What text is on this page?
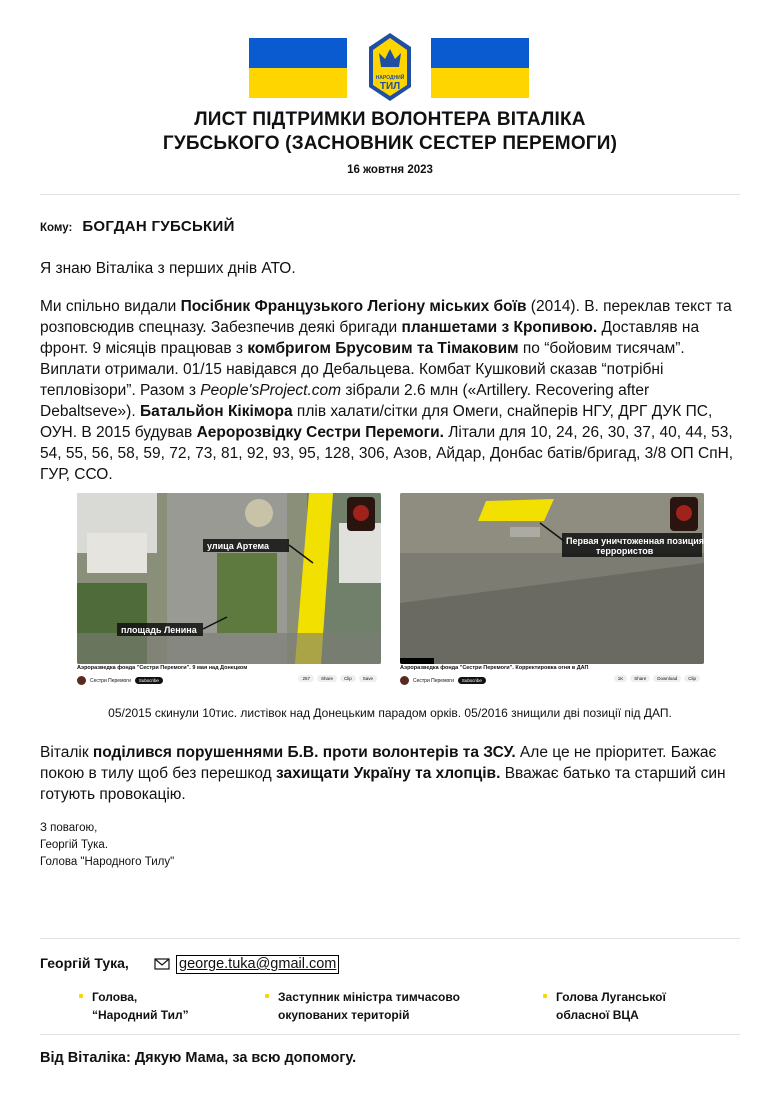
НАРОДНИЙ
ТИЛ
ЛИСТ ПІДТРИМКИ ВОЛОНТЕРА ВІТАЛІКА
ГУБСЬКОГО (ЗАСНОВНИК СЕСТЕР ПЕРЕМОГИ)
16 жовтня 2023
Кому: БОГДАН ГУБСЬКИЙ
Я знаю Віталіка з перших днів АТО.
Ми спільно видали Посібник Французького Легіону міських боїв (2014). В. переклав текст та розповсюдив спецназу. Забезпечив деякі бригади планшетами з Кропивою. Доставляв на фронт. 9 місяців працював з комбригом Брусовим та Тімаковим по “бойовим тисячам”. Виплати отримали. 01/15 навідався до Дебальцева. Комбат Кушковий сказав “потрібні тепловізори”. Разом з People'sProject.com зібрали 2.6 млн («Artillery. Recovering after Debaltseve»). Батальйон Кікімора плів халати/сітки для Омеги, снайперів НГУ, ДРГ ДУК ПС, ОУН. В 2015 будував Аеророзвідку Сестри Перемоги. Літали для 10, 24, 26, 30, 37, 40, 44, 53, 54, 55, 56, 58, 59, 72, 73, 81, 92, 93, 95, 128, 306, Азов, Айдар, Донбас батів/бригад, 3/8 ОП СпН, ГУР, ССО.
улица Артема
площадь Ленина
Аэроразведка фонда "Сестри Перемоги". 9 мая над Донецком
Сестри Перемоги	Subscribe	257	Share	Clip	Save
Первая уничтоженная позиция
террористов
Аэроразведка фонда "Сестри Перемоги". Корректировка огня в ДАП
Сестри Перемоги	Subscribe	1K	Share	Download	Clip
05/2015 скинули 10тис. листівок над Донецьким парадом орків. 05/2016 знищили дві позиції під ДАП.
Віталік поділився порушеннями Б.В. проти волонтерів та ЗСУ. Але це не пріоритет. Бажає покою в тилу щоб без перешкод захищати Україну та хлопців. Вважає батько та старший син готують провокацію.
З повагою,
Георгій Тука.
Голова "Народного Тилу"
Георгій Тука,	george.tuka@gmail.com
Голова,
“Народний Тил”
Заступник міністра тимчасово
окупованих територій
Голова Луганської
обласної ВЦА
Від Віталіка: Дякую Мама, за всю допомогу.
